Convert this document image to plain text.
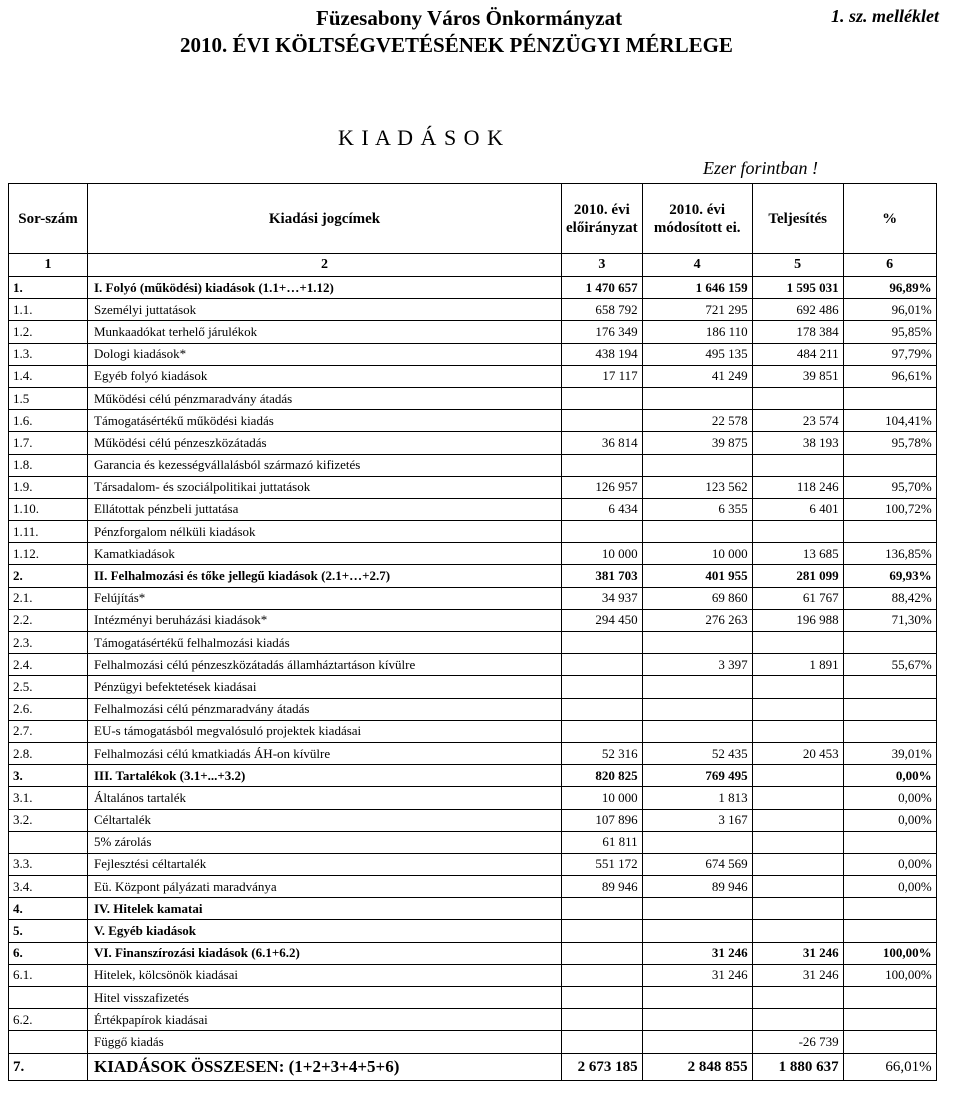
Füzesabony Város Önkormányzat	1. sz. melléklet
2010. ÉVI KÖLTSÉGVETÉSÉNEK PÉNZÜGYI MÉRLEGE
K I A D Á S O K
Ezer forintban !
Sor-szám	Kiadási jogcímek	2010. évi előirányzat	2010. évi módosított ei.	Teljesítés	%
1	2	3	4	5	6
1.	I. Folyó (működési) kiadások (1.1+…+1.12)	1 470 657	1 646 159	1 595 031	96,89%
1.1.	Személyi juttatások	658 792	721 295	692 486	96,01%
1.2.	Munkaadókat terhelő járulékok	176 349	186 110	178 384	95,85%
1.3.	Dologi kiadások*	438 194	495 135	484 211	97,79%
1.4.	Egyéb folyó kiadások	17 117	41 249	39 851	96,61%
1.5	Működési célú pénzmaradvány átadás				
1.6.	Támogatásértékű működési kiadás		22 578	23 574	104,41%
1.7.	Működési célú pénzeszközátadás	36 814	39 875	38 193	95,78%
1.8.	Garancia és kezességvállalásból származó kifizetés				
1.9.	Társadalom- és szociálpolitikai juttatások	126 957	123 562	118 246	95,70%
1.10.	Ellátottak pénzbeli juttatása	6 434	6 355	6 401	100,72%
1.11.	Pénzforgalom nélküli kiadások				
1.12.	Kamatkiadások	10 000	10 000	13 685	136,85%
2.	II. Felhalmozási és tőke jellegű kiadások (2.1+…+2.7)	381 703	401 955	281 099	69,93%
2.1.	Felújítás*	34 937	69 860	61 767	88,42%
2.2.	Intézményi beruházási kiadások*	294 450	276 263	196 988	71,30%
2.3.	Támogatásértékű felhalmozási kiadás				
2.4.	Felhalmozási célú pénzeszközátadás államháztartáson kívülre		3 397	1 891	55,67%
2.5.	Pénzügyi befektetések kiadásai				
2.6.	Felhalmozási célú pénzmaradvány átadás				
2.7.	EU-s támogatásból megvalósuló projektek kiadásai				
2.8.	Felhalmozási célú kmatkiadás ÁH-on kívülre	52 316	52 435	20 453	39,01%
3.	III. Tartalékok (3.1+...+3.2)	820 825	769 495		0,00%
3.1.	Általános tartalék	10 000	1 813		0,00%
3.2.	Céltartalék	107 896	3 167		0,00%
	5% zárolás	61 811			
3.3.	Fejlesztési céltartalék	551 172	674 569		0,00%
3.4.	Eü. Központ pályázati maradványa	89 946	89 946		0,00%
4.	IV. Hitelek kamatai				
5.	V. Egyéb kiadások				
6.	VI. Finanszírozási kiadások (6.1+6.2)		31 246	31 246	100,00%
6.1.	Hitelek, kölcsönök kiadásai		31 246	31 246	100,00%
	Hitel visszafizetés				
6.2.	Értékpapírok kiadásai				
	Függő kiadás			-26 739	
7.	KIADÁSOK ÖSSZESEN: (1+2+3+4+5+6)	2 673 185	2 848 855	1 880 637	66,01%
